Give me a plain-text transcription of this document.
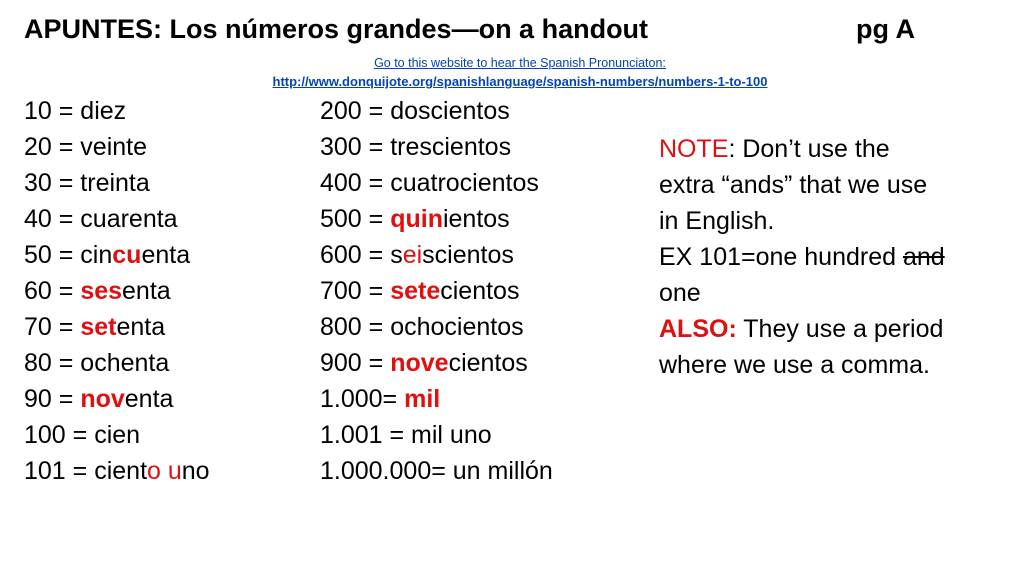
APUNTES: Los números grandes—on a handout	pg A
Go to this website to hear the Spanish Pronunciaton:
http://www.donquijote.org/spanishlanguage/spanish-numbers/numbers-1-to-100
10 = diez
20 = veinte
30 = treinta
40 = cuarenta
50 = cincuenta
60 = sesenta
70 = setenta
80 = ochenta
90 = noventa
100 = cien
101 = ciento uno
200 = doscientos
300 = trescientos
400 = cuatrocientos
500 = quinientos
600 = seiscientos
700 = setecientos
800 = ochocientos
900 = novecientos
1.000= mil
1.001 = mil uno
1.000.000= un millón
NOTE: Don’t use the
extra “ands” that we use
in English.
EX 101=one hundred and
one
ALSO: They use a period
where we use a comma.
